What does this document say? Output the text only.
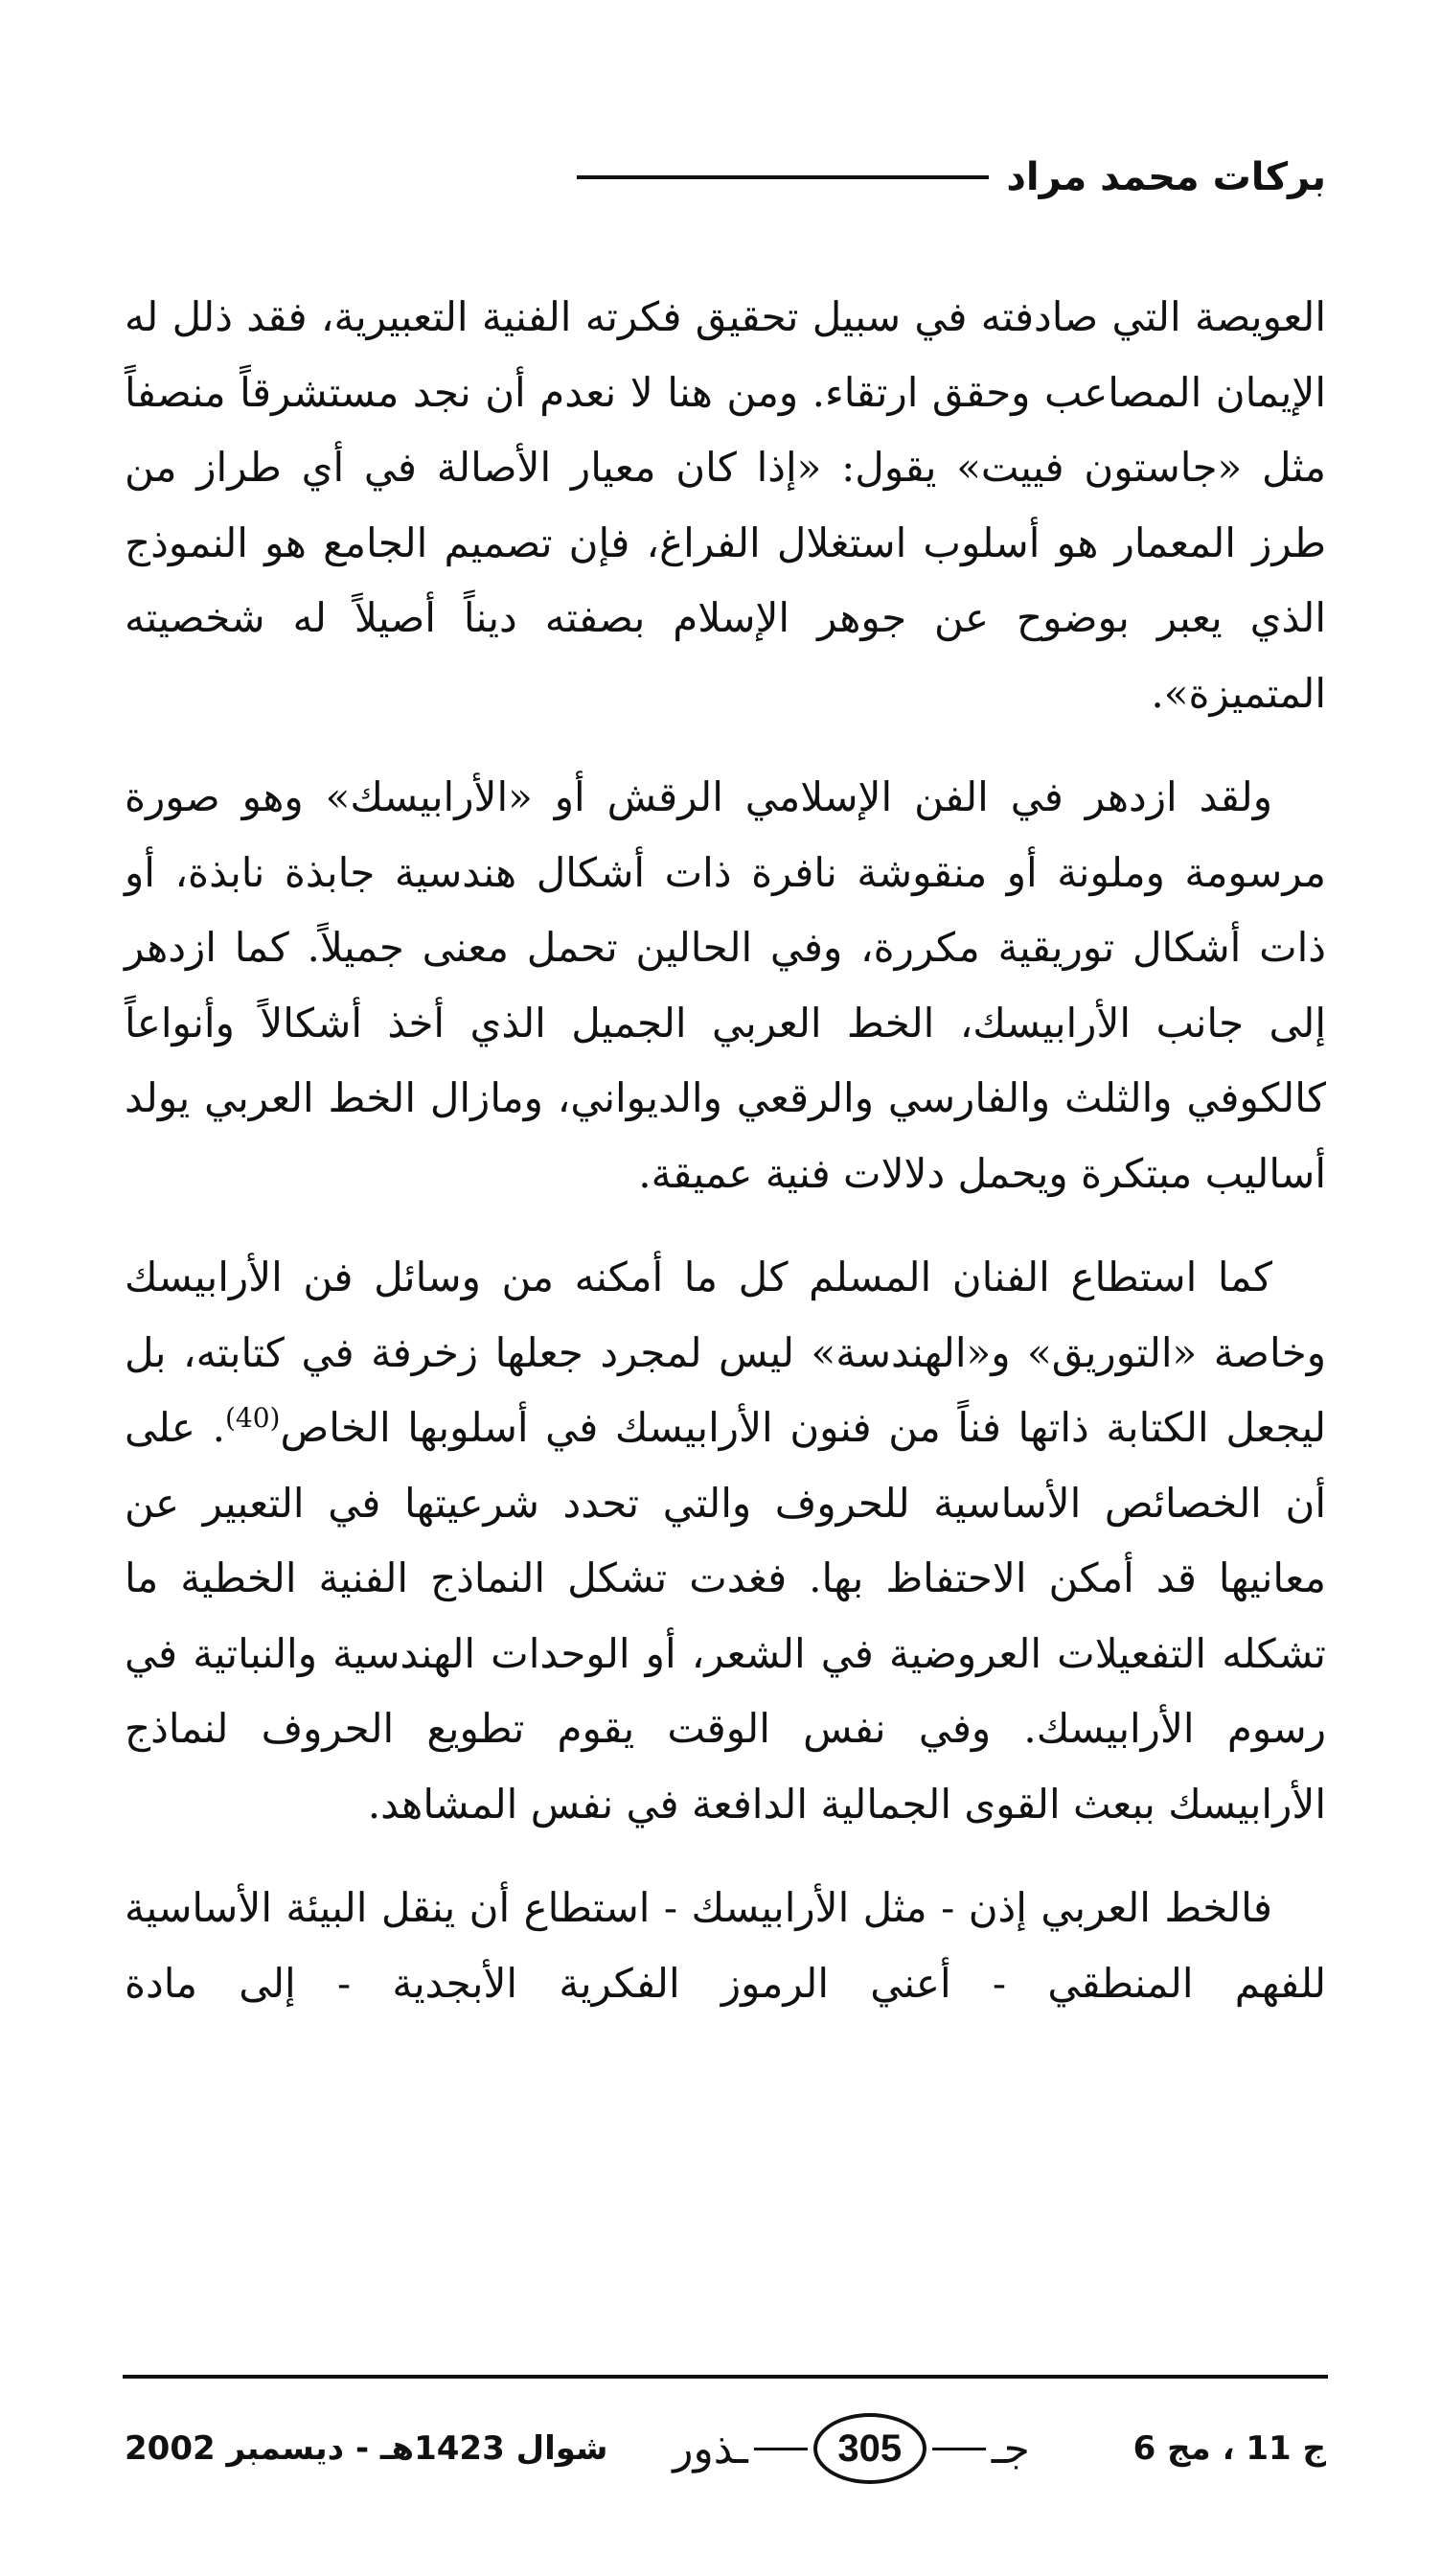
بركات محمد مراد

العويصة التي صادفته في سبيل تحقيق فكرته الفنية التعبيرية، فقد ذلل له الإيمان المصاعب وحقق ارتقاء. ومن هنا لا نعدم أن نجد مستشرقاً منصفاً مثل «جاستون فييت» يقول: «إذا كان معيار الأصالة في أي طراز من طرز المعمار هو أسلوب استغلال الفراغ، فإن تصميم الجامع هو النموذج الذي يعبر بوضوح عن جوهر الإسلام بصفته ديناً أصيلاً له شخصيته المتميزة».

ولقد ازدهر في الفن الإسلامي الرقش أو «الأرابيسك» وهو صورة مرسومة وملونة أو منقوشة نافرة ذات أشكال هندسية جابذة نابذة، أو ذات أشكال توريقية مكررة، وفي الحالين تحمل معنى جميلاً. كما ازدهر إلى جانب الأرابيسك، الخط العربي الجميل الذي أخذ أشكالاً وأنواعاً كالكوفي والثلث والفارسي والرقعي والديواني، ومازال الخط العربي يولد أساليب مبتكرة ويحمل دلالات فنية عميقة.

كما استطاع الفنان المسلم كل ما أمكنه من وسائل فن الأرابيسك وخاصة «التوريق» و«الهندسة» ليس لمجرد جعلها زخرفة في كتابته، بل ليجعل الكتابة ذاتها فناً من فنون الأرابيسك في أسلوبها الخاص$^{(40)}$. على أن الخصائص الأساسية للحروف والتي تحدد شرعيتها في التعبير عن معانيها قد أمكن الاحتفاظ بها. فغدت تشكل النماذج الفنية الخطية ما تشكله التفعيلات العروضية في الشعر، أو الوحدات الهندسية والنباتية في رسوم الأرابيسك. وفي نفس الوقت يقوم تطويع الحروف لنماذج الأرابيسك ببعث القوى الجمالية الدافعة في نفس المشاهد.

فالخط العربي إذن - مثل الأرابيسك - استطاع أن ينقل البيئة الأساسية للفهم المنطقي - أعني الرموز الفكرية الأبجدية - إلى مادة

ج 11 ، مج 6
جـ
305
ـذور
شوال 1423هـ - ديسمبر 2002
